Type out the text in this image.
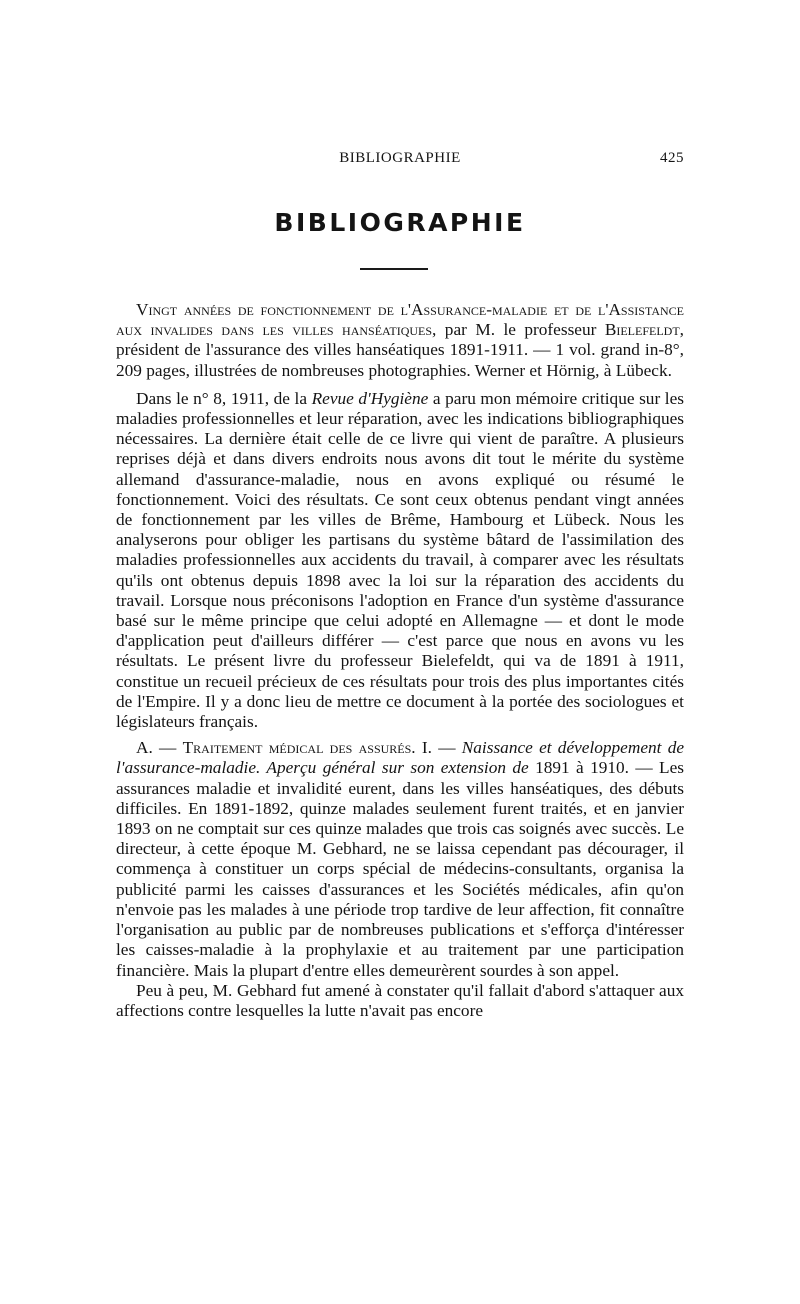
BIBLIOGRAPHIE	425
BIBLIOGRAPHIE

Vingt années de fonctionnement de l'Assurance-maladie et de l'Assistance aux invalides dans les villes hanséatiques, par M. le professeur Bielefeldt, président de l'assurance des villes hanséatiques 1891-1911. — 1 vol. grand in-8°, 209 pages, illustrées de nombreuses photographies. Werner et Hörnig, à Lübeck.

Dans le n° 8, 1911, de la Revue d'Hygiène a paru mon mémoire critique sur les maladies professionnelles et leur réparation, avec les indications bibliographiques nécessaires. La dernière était celle de ce livre qui vient de paraître. A plusieurs reprises déjà et dans divers endroits nous avons dit tout le mérite du système allemand d'assurance-maladie, nous en avons expliqué ou résumé le fonctionnement. Voici des résultats. Ce sont ceux obtenus pendant vingt années de fonctionnement par les villes de Brême, Hambourg et Lübeck. Nous les analyserons pour obliger les partisans du système bâtard de l'assimilation des maladies professionnelles aux accidents du travail, à comparer avec les résultats qu'ils ont obtenus depuis 1898 avec la loi sur la réparation des accidents du travail. Lorsque nous préconisons l'adoption en France d'un système d'assurance basé sur le même principe que celui adopté en Allemagne — et dont le mode d'application peut d'ailleurs différer — c'est parce que nous en avons vu les résultats. Le présent livre du professeur Bielefeldt, qui va de 1891 à 1911, constitue un recueil précieux de ces résultats pour trois des plus importantes cités de l'Empire. Il y a donc lieu de mettre ce document à la portée des sociologues et législateurs français.

A. — Traitement médical des assurés. I. — Naissance et développement de l'assurance-maladie. Aperçu général sur son extension de 1891 à 1910. — Les assurances maladie et invalidité eurent, dans les villes hanséatiques, des débuts difficiles. En 1891-1892, quinze malades seulement furent traités, et en janvier 1893 on ne comptait sur ces quinze malades que trois cas soignés avec succès. Le directeur, à cette époque M. Gebhard, ne se laissa cependant pas décourager, il commença à constituer un corps spécial de médecins-consultants, organisa la publicité parmi les caisses d'assurances et les Sociétés médicales, afin qu'on n'envoie pas les malades à une période trop tardive de leur affection, fit connaître l'organisation au public par de nombreuses publications et s'efforça d'intéresser les caisses-maladie à la prophylaxie et au traitement par une participation financière. Mais la plupart d'entre elles demeurèrent sourdes à son appel.

Peu à peu, M. Gebhard fut amené à constater qu'il fallait d'abord s'attaquer aux affections contre lesquelles la lutte n'avait pas encore
